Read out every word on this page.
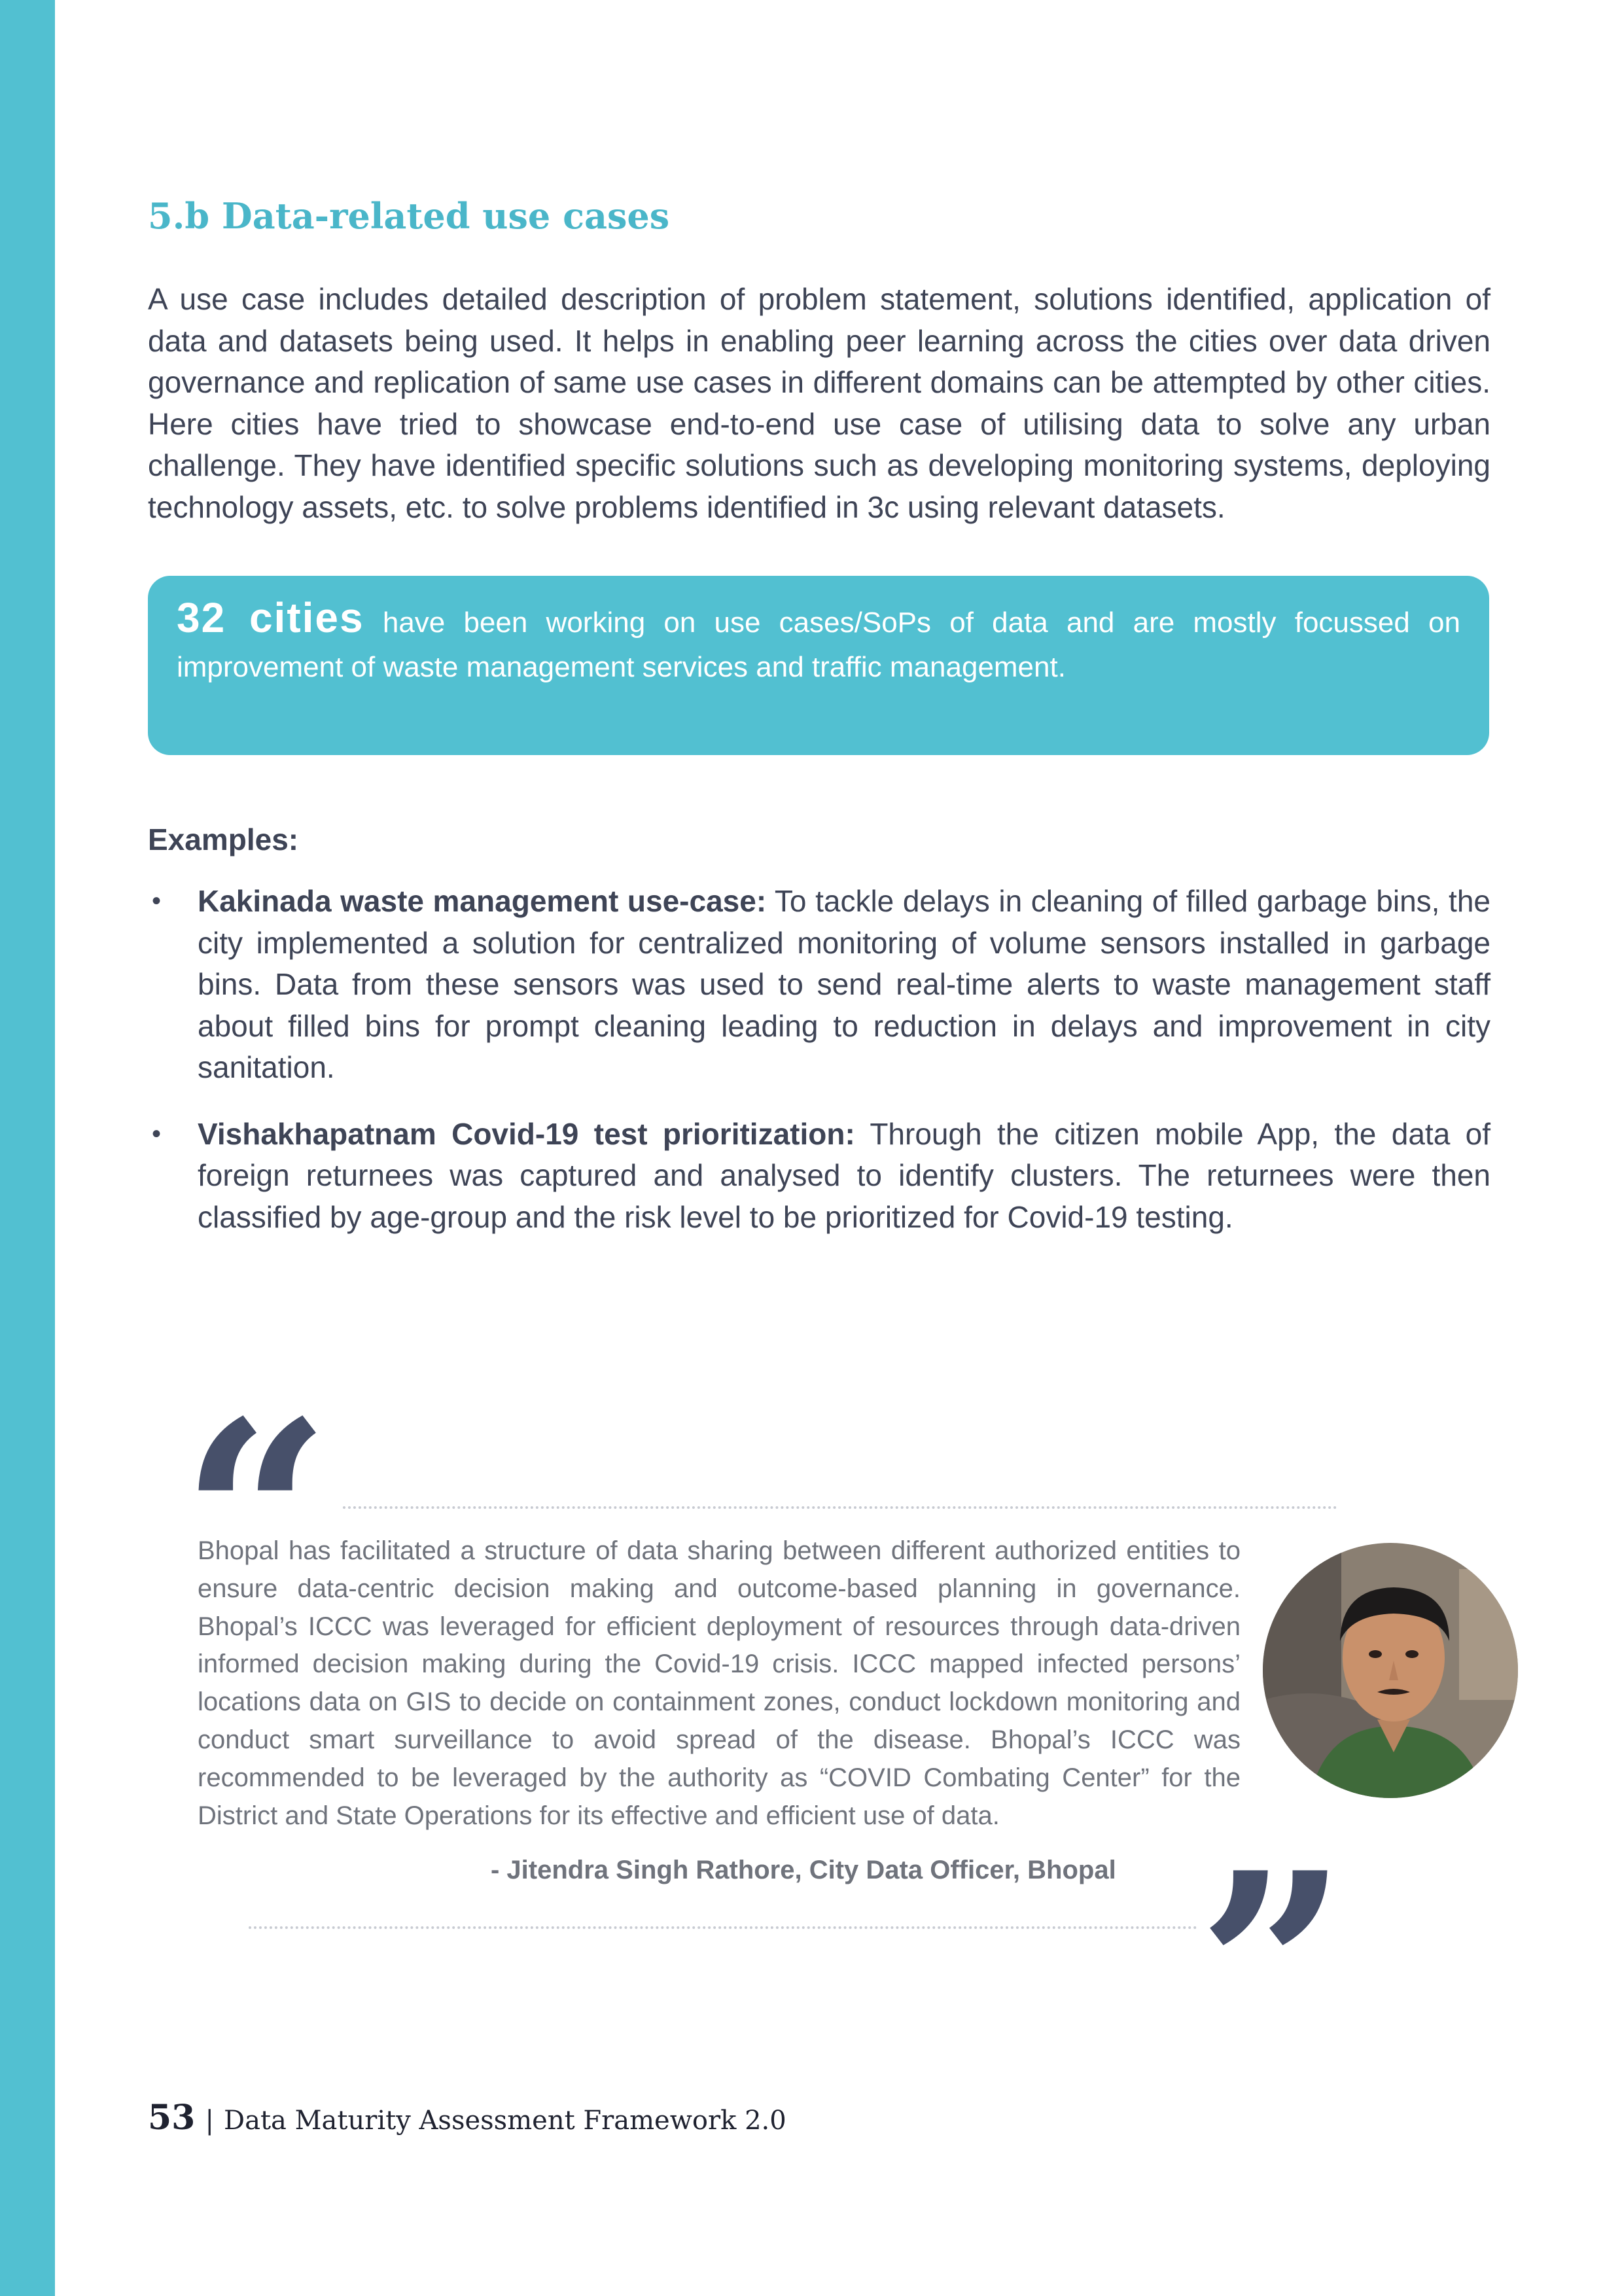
5.b Data-related use cases

A use case includes detailed description of problem statement, solutions identified, application of data and datasets being used. It helps in enabling peer learning across the cities over data driven governance and replication of same use cases in different domains can be attempted by other cities. Here cities have tried to showcase end-to-end use case of utilising data to solve any urban challenge. They have identified specific solutions such as developing monitoring systems, deploying technology assets, etc. to solve problems identified in 3c using relevant datasets.

32 cities have been working on use cases/SoPs of data and are mostly focussed on improvement of waste management services and traffic management.

Examples:
• Kakinada waste management use-case: To tackle delays in cleaning of filled garbage bins, the city implemented a solution for centralized monitoring of volume sensors installed in garbage bins. Data from these sensors was used to send real-time alerts to waste management staff about filled bins for prompt cleaning leading to reduction in delays and improvement in city sanitation.
• Vishakhapatnam Covid-19 test prioritization: Through the citizen mobile App, the data of foreign returnees was captured and analysed to identify clusters. The returnees were then classified by age-group and the risk level to be prioritized for Covid-19 testing.
“

Bhopal has facilitated a structure of data sharing between different authorized entities to ensure data-centric decision making and outcome-based planning in governance. Bhopal’s ICCC was leveraged for efficient deployment of resources through data-driven informed decision making during the Covid-19 crisis. ICCC mapped infected persons’ locations data on GIS to decide on containment zones, conduct lockdown monitoring and conduct smart surveillance to avoid spread of the disease. Bhopal’s ICCC was recommended to be leveraged by the authority as “COVID Combating Center” for the District and State Operations for its effective and efficient use of data.

- Jitendra Singh Rathore, City Data Officer, Bhopal ”
53 | Data Maturity Assessment Framework 2.0
